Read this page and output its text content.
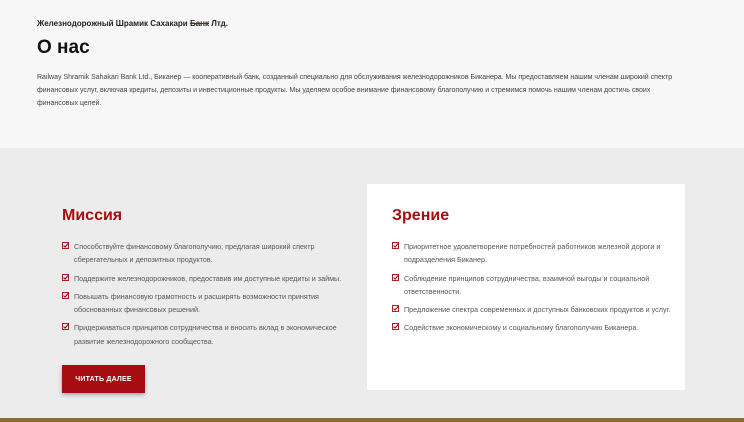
Железнодорожный Шрамик Сахакари Банк Лтд.
О нас

Railway Shramik Sahakari Bank Ltd., Биканер — кооперативный банк, созданный специально для обслуживания железнодорожников Биканера. Мы предоставляем нашим членам широкий спектр финансовых услуг, включая кредиты, депозиты и инвестиционные продукты. Мы уделяем особое внимание финансовому благополучию и стремимся помочь нашим членам достичь своих финансовых целей.

Миссия
Способствуйте финансовому благополучию, предлагая широкий спектр сберегательных и депозитных продуктов.
Поддержите железнодорожников, предоставив им доступные кредиты и займы.
Повышать финансовую грамотность и расширять возможности принятия обоснованных финансовых решений.
Придерживаться принципов сотрудничества и вносить вклад в экономическое развитие железнодорожного сообщества.
ЧИТАТЬ ДАЛЕЕ
Зрение
Приоритетное удовлетворение потребностей работников железной дороги и подразделения Биканер.
Соблюдение принципов сотрудничества, взаимной выгоды и социальной ответственности.
Предложение спектра современных и доступных банковских продуктов и услуг.
Содействие экономическому и социальному благополучию Биканера.
